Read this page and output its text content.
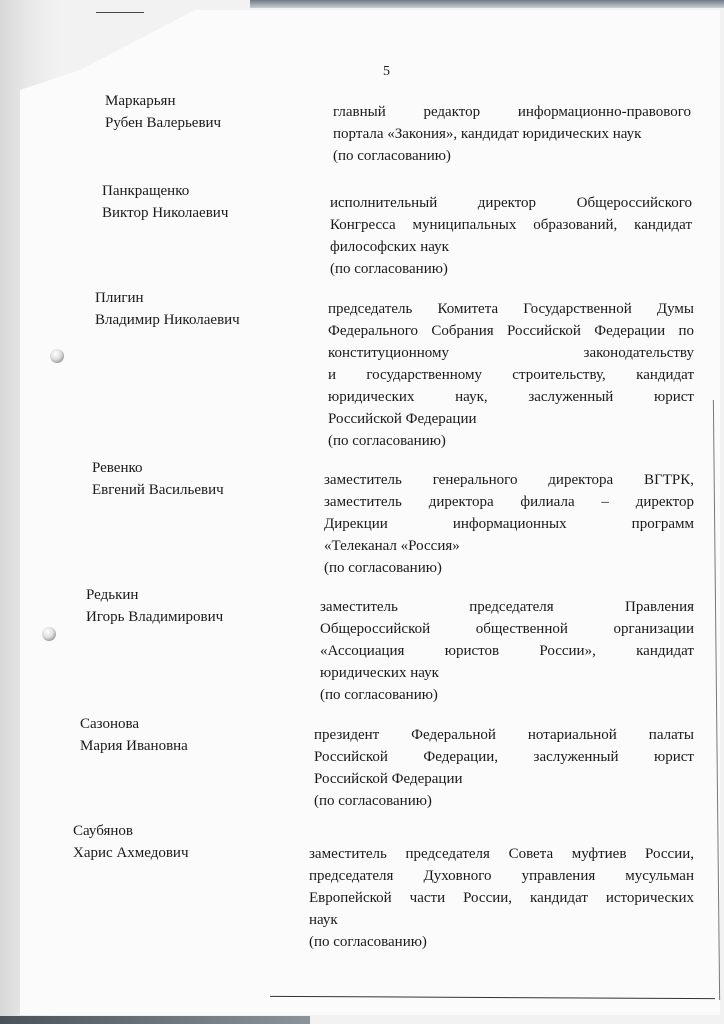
5
Маркарьян
Рубен Валерьевич
главный редактор информационно-правового
портала «Закония», кандидат юридических наук
(по согласованию)
Панкращенко
Виктор Николаевич
исполнительный директор Общероссийского
Конгресса муниципальных образований, кандидат
философских наук
(по согласованию)
Плигин
Владимир Николаевич
председатель Комитета Государственной Думы
Федерального Собрания Российской Федерации по
конституционному законодательству
и государственному строительству, кандидат
юридических наук, заслуженный юрист
Российской Федерации
(по согласованию)
Ревенко
Евгений Васильевич
заместитель генерального директора ВГТРК,
заместитель директора филиала – директор
Дирекции информационных программ
«Телеканал «Россия»
(по согласованию)
Редькин
Игорь Владимирович
заместитель председателя Правления
Общероссийской общественной организации
«Ассоциация юристов России», кандидат
юридических наук
(по согласованию)
Сазонова
Мария Ивановна
президент Федеральной нотариальной палаты
Российской Федерации, заслуженный юрист
Российской Федерации
(по согласованию)
Саубянов
Харис Ахмедович	заместитель председателя Совета муфтиев России,
председателя Духовного управления мусульман
Европейской части России, кандидат исторических
наук
(по согласованию)
